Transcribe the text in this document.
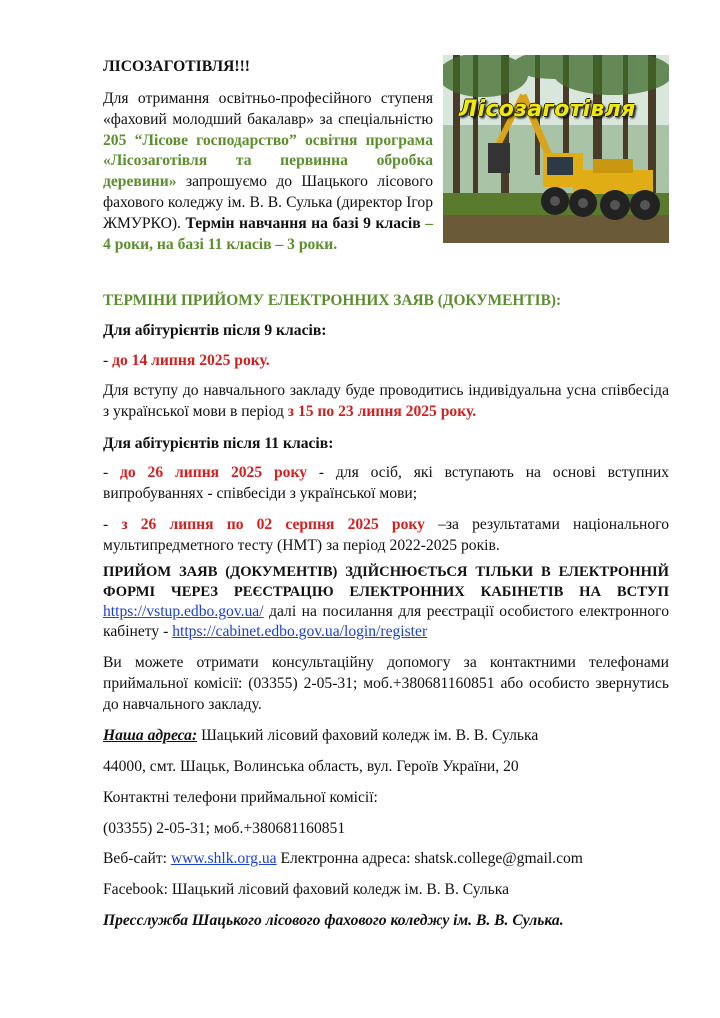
ЛІСОЗАГОТІВЛЯ!!!
Для отримання освітньо-професійного ступеня «фаховий молодший бакалавр» за спеціальністю 205 “Лісове господарство” освітня програма «Лісозаготівля та первинна обробка деревини» запрошуємо до Шацького лісового фахового коледжу ім. В. В. Сулька (директор Ігор ЖМУРКО). Термін навчання на базі 9 класів – 4 роки, на базі 11 класів – 3 роки.
Лісозаготівля
ТЕРМІНИ ПРИЙОМУ ЕЛЕКТРОННИХ ЗАЯВ (ДОКУМЕНТІВ):
Для абітурієнтів після 9 класів:
- до 14 липня 2025 року.
Для вступу до навчального закладу буде проводитись індивідуальна усна співбесіда з української мови в період з 15 по 23 липня 2025 року.
Для абітурієнтів після 11 класів:
- до 26 липня 2025 року - для осіб, які вступають на основі вступних випробуваннях - співбесіди з української мови;
- з 26 липня по 02 серпня 2025 року –за результатами національного мультипредметного тесту (НМТ) за період 2022-2025 років.
ПРИЙОМ ЗАЯВ (ДОКУМЕНТІВ) ЗДІЙСНЮЄТЬСЯ ТІЛЬКИ В ЕЛЕКТРОННІЙ ФОРМІ ЧЕРЕЗ РЕЄСТРАЦІЮ ЕЛЕКТРОННИХ КАБІНЕТІВ НА ВСТУП https://vstup.edbo.gov.ua/ далі на посилання для реєстрації особистого електронного кабінету - https://cabinet.edbo.gov.ua/login/register
Ви можете отримати консультаційну допомогу за контактними телефонами приймальної комісії: (03355) 2-05-31; моб.+380681160851 або особисто звернутись до навчального закладу.
Наша адреса: Шацький лісовий фаховий коледж ім. В. В. Сулька
44000, смт. Шацьк, Волинська область, вул. Героїв України, 20
Контактні телефони приймальної комісії:
(03355) 2-05-31; моб.+380681160851
Веб-сайт: www.shlk.org.ua Електронна адреса: shatsk.college@gmail.com
Facebook: Шацький лісовий фаховий коледж ім. В. В. Сулька
Пресслужба Шацького лісового фахового коледжу ім. В. В. Сулька.
